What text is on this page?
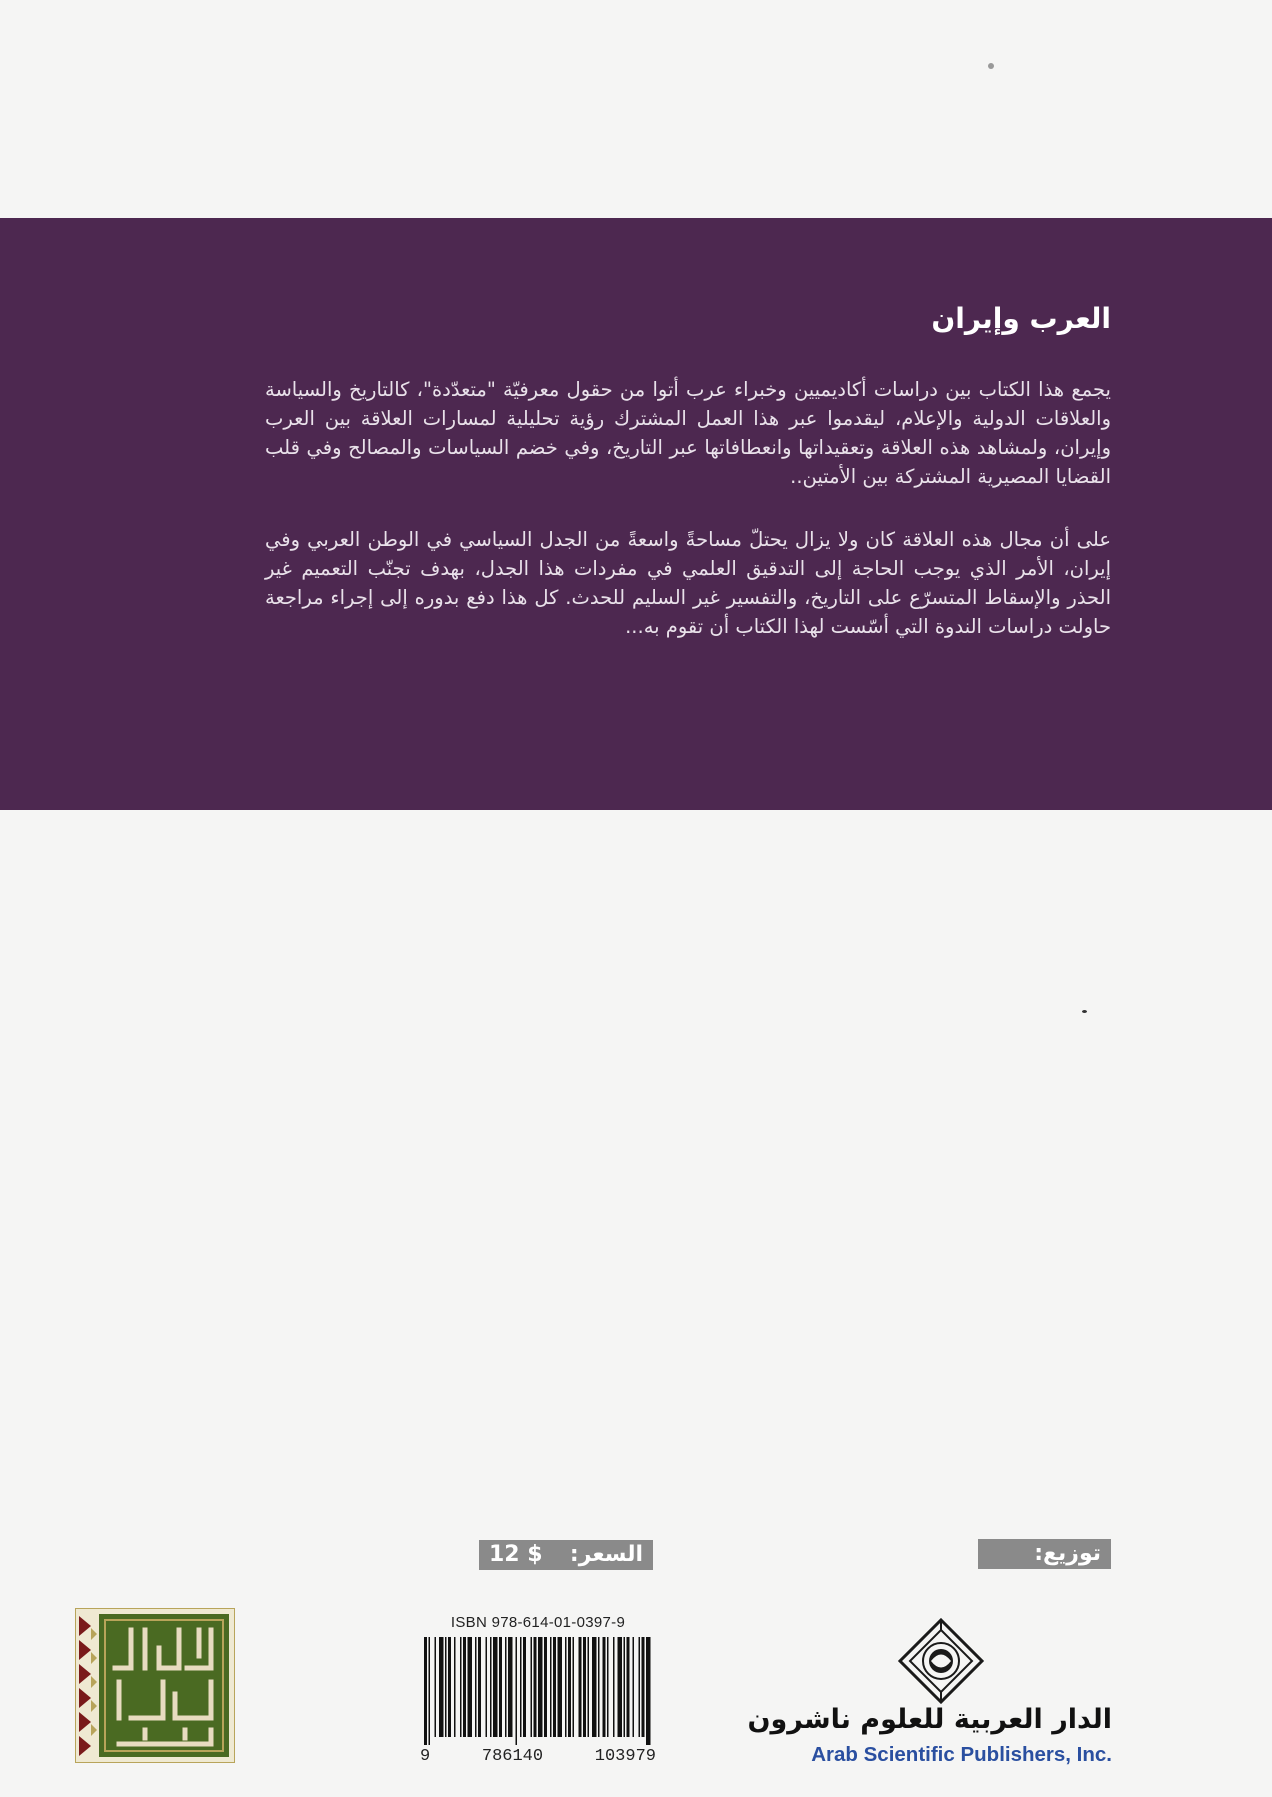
العرب وإيران

يجمع هذا الكتاب بين دراسات أكاديميين وخبراء عرب أتوا من حقول معرفيّة "متعدّدة"، كالتاريخ والسياسة والعلاقات الدولية والإعلام، ليقدموا عبر هذا العمل المشترك رؤية تحليلية لمسارات العلاقة بين العرب وإيران، ولمشاهد هذه العلاقة وتعقيداتها وانعطافاتها عبر التاريخ، وفي خضم السياسات والمصالح وفي قلب القضايا المصيرية المشتركة بين الأمتين..

على أن مجال هذه العلاقة كان ولا يزال يحتلّ مساحةً واسعةً من الجدل السياسي في الوطن العربي وفي إيران، الأمر الذي يوجب الحاجة إلى التدقيق العلمي في مفردات هذا الجدل، بهدف تجنّب التعميم غير الحذر والإسقاط المتسرّع على التاريخ، والتفسير غير السليم للحدث. كل هذا دفع بدوره إلى إجراء مراجعة حاولت دراسات الندوة التي أسّست لهذا الكتاب أن تقوم به...

توزيع:
السعر:
12 $
ISBN 978-614-01-0397-9
9	786140	103979
الدار العربية للعلوم ناشرون
Arab Scientific Publishers, Inc.
